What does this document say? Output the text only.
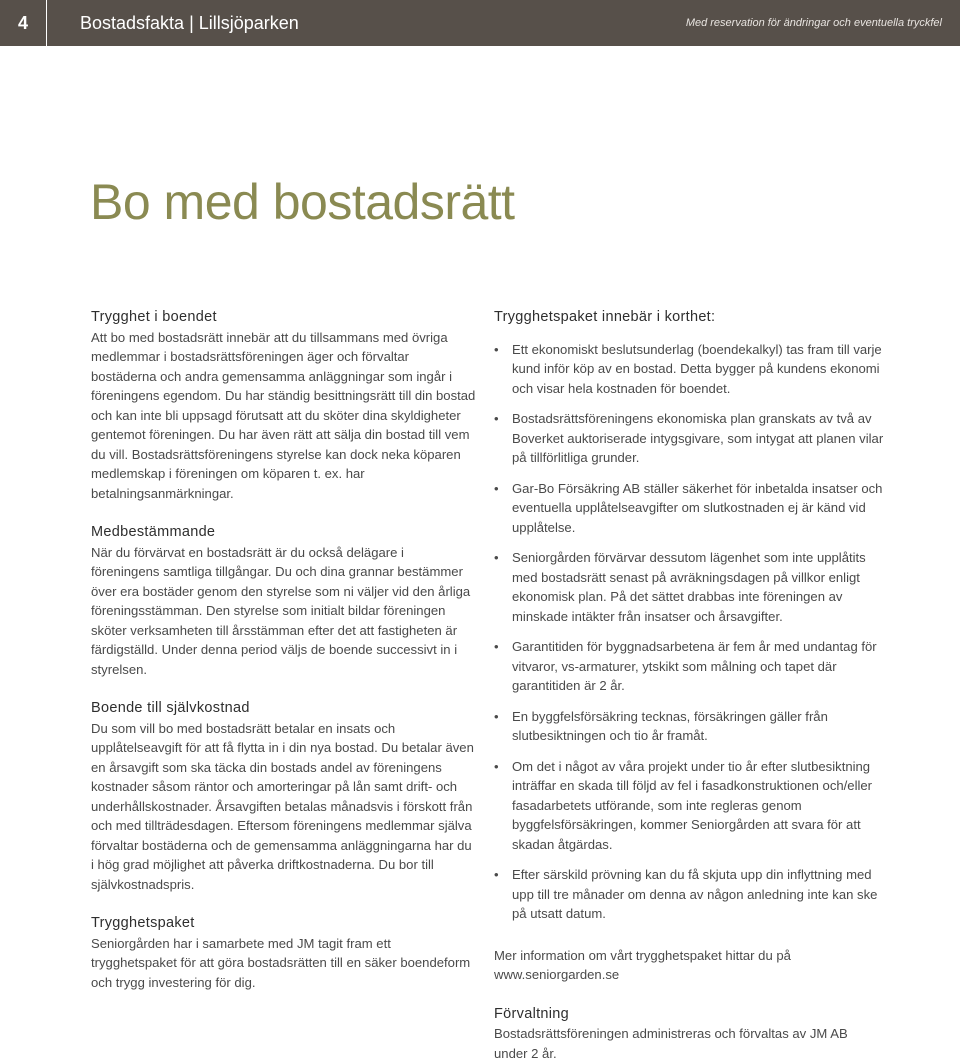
4	Bostadsfakta | Lillsjöparken	Med reservation för ändringar och eventuella tryckfel
Bo med bostadsrätt
Trygghet i boendet

Att bo med bostadsrätt innebär att du tillsammans med övriga medlemmar i bostadsrättsföreningen äger och förvaltar bostäderna och andra gemensamma anläggningar som ingår i föreningens egendom. Du har ständig besittningsrätt till din bostad och kan inte bli uppsagd förutsatt att du sköter dina skyldigheter gentemot föreningen. Du har även rätt att sälja din bostad till vem du vill. Bostadsrättsföreningens styrelse kan dock neka köparen medlemskap i föreningen om köparen t. ex. har betalningsanmärkningar.

Medbestämmande

När du förvärvat en bostadsrätt är du också delägare i föreningens samtliga tillgångar. Du och dina grannar bestämmer över era bostäder genom den styrelse som ni väljer vid den årliga föreningsstämman. Den styrelse som initialt bildar föreningen sköter verksamheten till årsstämman efter det att fastigheten är färdigställd. Under denna period väljs de boende successivt in i styrelsen.

Boende till självkostnad

Du som vill bo med bostadsrätt betalar en insats och upplåtelseavgift för att få flytta in i din nya bostad. Du betalar även en årsavgift som ska täcka din bostads andel av föreningens kostnader såsom räntor och amorteringar på lån samt drift- och underhållskostnader. Årsavgiften betalas månadsvis i förskott från och med tillträdesdagen. Eftersom föreningens medlemmar själva förvaltar bostäderna och de gemensamma anläggningarna har du i hög grad möjlighet att påverka driftkostnaderna. Du bor till självkostnadspris.

Trygghetspaket

Seniorgården har i samarbete med JM tagit fram ett trygghetspaket för att göra bostadsrätten till en säker boendeform och trygg investering för dig.

Trygghetspaket innebär i korthet:
• Ett ekonomiskt beslutsunderlag (boendekalkyl) tas fram till varje kund inför köp av en bostad. Detta bygger på kundens ekonomi och visar hela kostnaden för boendet.
• Bostadsrättsföreningens ekonomiska plan granskats av två av Boverket auktoriserade intygsgivare, som intygat att planen vilar på tillförlitliga grunder.
• Gar-Bo Försäkring AB ställer säkerhet för inbetalda insatser och eventuella upplåtelseavgifter om slutkostnaden ej är känd vid upplåtelse.
• Seniorgården förvärvar dessutom lägenhet som inte upplåtits med bostadsrätt senast på avräkningsdagen på villkor enligt ekonomisk plan. På det sättet drabbas inte föreningen av minskade intäkter från insatser och årsavgifter.
• Garantitiden för byggnadsarbetena är fem år med undantag för vitvaror, vs-armaturer, ytskikt som målning och tapet där garantitiden är 2 år.
• En byggfelsförsäkring tecknas, försäkringen gäller från slutbesiktningen och tio år framåt.
• Om det i något av våra projekt under tio år efter slutbesiktning inträffar en skada till följd av fel i fasadkonstruktionen och/eller fasadarbetets utförande, som inte regleras genom byggfelsförsäkringen, kommer Seniorgården att svara för att skadan åtgärdas.
• Efter särskild prövning kan du få skjuta upp din inflyttning med upp till tre månader om denna av någon anledning inte kan ske på utsatt datum.

Mer information om vårt trygghetspaket hittar du på www.seniorgarden.se

Förvaltning

Bostadsrättsföreningen administreras och förvaltas av JM AB under 2 år.
